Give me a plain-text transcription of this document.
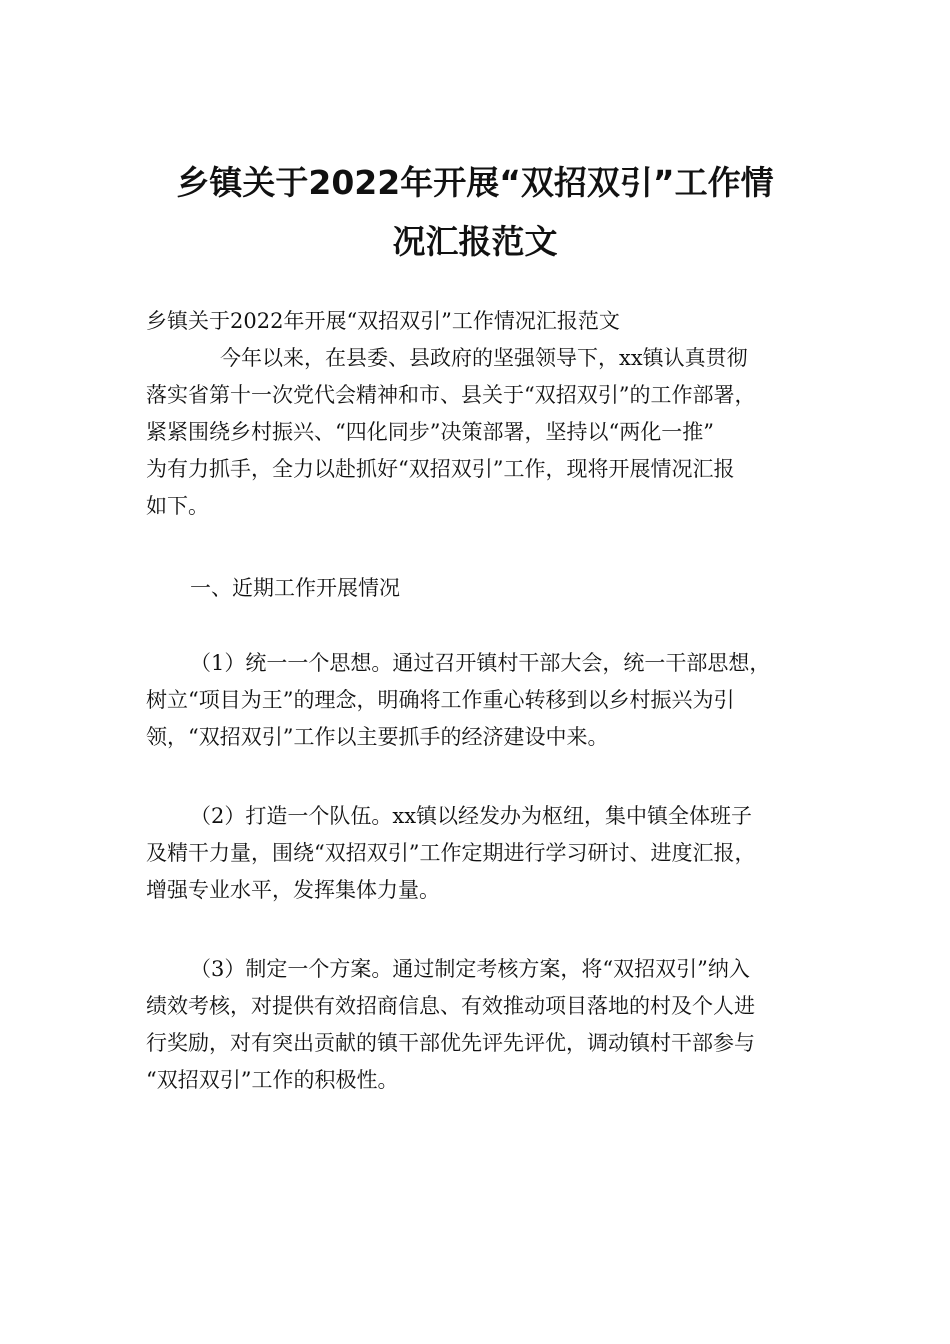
乡镇关于2022年开展“双招双引”工作情
况汇报范文
乡镇关于2022年开展“双招双引”工作情况汇报范文
今年以来，在县委、县政府的坚强领导下，xx镇认真贯彻
落实省第十一次党代会精神和市、县关于“双招双引”的工作部署，
紧紧围绕乡村振兴、“四化同步”决策部署，坚持以“两化一推”
为有力抓手，全力以赴抓好“双招双引”工作，现将开展情况汇报
如下。
一、近期工作开展情况
（1）统一一个思想。通过召开镇村干部大会，统一干部思想，
树立“项目为王”的理念，明确将工作重心转移到以乡村振兴为引
领，“双招双引”工作以主要抓手的经济建设中来。
（2）打造一个队伍。xx镇以经发办为枢纽，集中镇全体班子
及精干力量，围绕“双招双引”工作定期进行学习研讨、进度汇报，
增强专业水平，发挥集体力量。
（3）制定一个方案。通过制定考核方案，将“双招双引”纳入
绩效考核，对提供有效招商信息、有效推动项目落地的村及个人进
行奖励，对有突出贡献的镇干部优先评先评优，调动镇村干部参与
“双招双引”工作的积极性。
